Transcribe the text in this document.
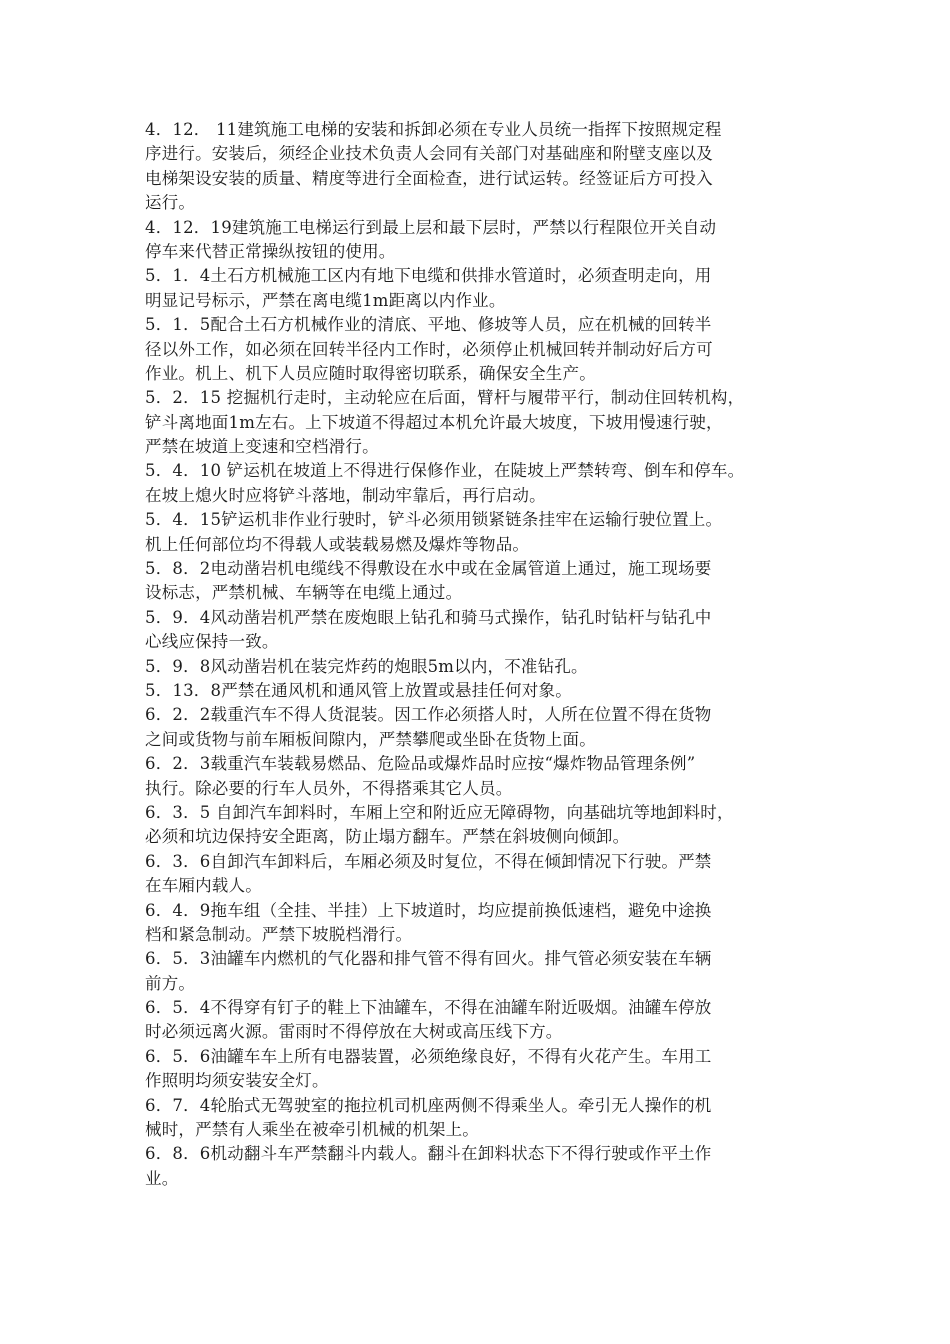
4．12． 11建筑施工电梯的安装和拆卸必须在专业人员统一指挥下按照规定程
序进行。安装后，须经企业技术负责人会同有关部门对基础座和附壁支座以及
电梯架设安装的质量、精度等进行全面检查，进行试运转。经签证后方可投入
运行。
4．12．19建筑施工电梯运行到最上层和最下层时，严禁以行程限位开关自动
停车来代替正常操纵按钮的使用。
5．1．4土石方机械施工区内有地下电缆和供排水管道时，必须查明走向，用
明显记号标示，严禁在离电缆1m距离以内作业。
5．1．5配合土石方机械作业的清底、平地、修坡等人员，应在机械的回转半
径以外工作，如必须在回转半径内工作时，必须停止机械回转并制动好后方可
作业。机上、机下人员应随时取得密切联系，确保安全生产。
5．2．15 挖掘机行走时，主动轮应在后面，臂杆与履带平行，制动住回转机构，
铲斗离地面1m左右。上下坡道不得超过本机允许最大坡度，下坡用慢速行驶，
严禁在坡道上变速和空档滑行。
5．4．10 铲运机在坡道上不得进行保修作业，在陡坡上严禁转弯、倒车和停车。
在坡上熄火时应将铲斗落地，制动牢靠后，再行启动。
5．4．15铲运机非作业行驶时，铲斗必须用锁紧链条挂牢在运输行驶位置上。
机上任何部位均不得载人或装载易燃及爆炸等物品。
5．8．2电动凿岩机电缆线不得敷设在水中或在金属管道上通过，施工现场要
设标志，严禁机械、车辆等在电缆上通过。
5．9．4风动凿岩机严禁在废炮眼上钻孔和骑马式操作，钻孔时钻杆与钻孔中
心线应保持一致。
5．9．8风动凿岩机在装完炸药的炮眼5m以内，不准钻孔。
5．13．8严禁在通风机和通风管上放置或悬挂任何对象。
6．2．2载重汽车不得人货混装。因工作必须搭人时，人所在位置不得在货物
之间或货物与前车厢板间隙内，严禁攀爬或坐卧在货物上面。
6．2．3载重汽车装载易燃品、危险品或爆炸品时应按“爆炸物品管理条例”
执行。除必要的行车人员外，不得搭乘其它人员。
6．3．5 自卸汽车卸料时，车厢上空和附近应无障碍物，向基础坑等地卸料时，
必须和坑边保持安全距离，防止塌方翻车。严禁在斜坡侧向倾卸。
6．3．6自卸汽车卸料后，车厢必须及时复位，不得在倾卸情况下行驶。严禁
在车厢内载人。
6．4．9拖车组（全挂、半挂）上下坡道时，均应提前换低速档，避免中途换
档和紧急制动。严禁下坡脱档滑行。
6．5．3油罐车内燃机的气化器和排气管不得有回火。排气管必须安装在车辆
前方。
6．5．4不得穿有钉子的鞋上下油罐车，不得在油罐车附近吸烟。油罐车停放
时必须远离火源。雷雨时不得停放在大树或高压线下方。
6．5．6油罐车车上所有电器装置，必须绝缘良好，不得有火花产生。车用工
作照明均须安装安全灯。
6．7．4轮胎式无驾驶室的拖拉机司机座两侧不得乘坐人。牵引无人操作的机
械时，严禁有人乘坐在被牵引机械的机架上。
6．8．6机动翻斗车严禁翻斗内载人。翻斗在卸料状态下不得行驶或作平土作
业。
